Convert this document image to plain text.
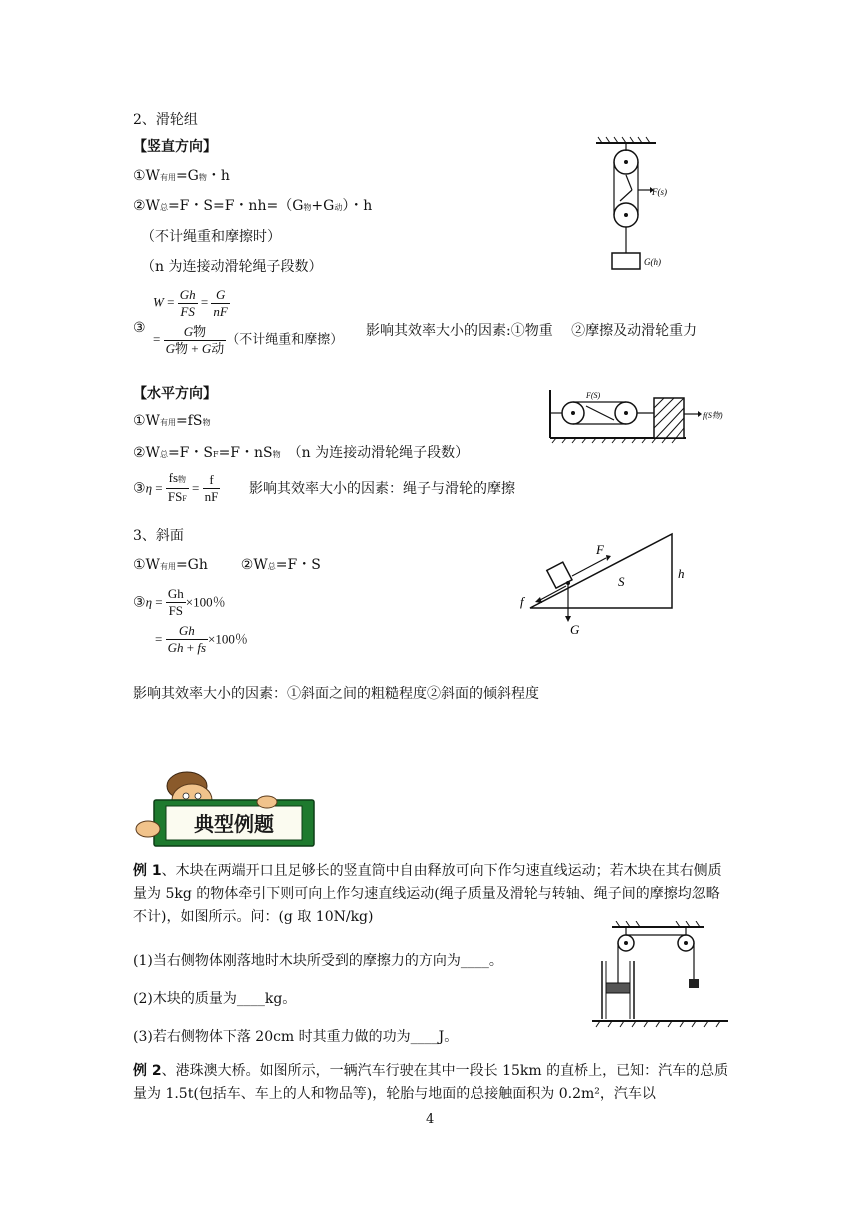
2、滑轮组
【竖直方向】
①W有用=G物・h
②W总=F・S=F・nh=（G物+G动）・h
（不计绳重和摩擦时）
（n 为连接动滑轮绳子段数）
③
$W = \frac{Gh}{FS} = \frac{G}{nF}$
= $\frac{\text{G物}}{\text{G物 + G动}}$ （不计绳重和摩擦）
影响其效率大小的因素:①物重　 ②摩擦及动滑轮重力
【水平方向】
①W有用=fS物
②W总=F・SF=F・nS物　（n 为连接动滑轮绳子段数）
③η = $\frac{\text{fs物}}{\text{FSF}} = \frac{f}{nF}$ 影响其效率大小的因素：绳子与滑轮的摩擦
3、斜面
①W有用=Gh ②W总=F・S
③η = $\frac{Gh}{FS} \times 100$％
= $\frac{Gh}{Gh + fs} \times 100$％
影响其效率大小的因素：①斜面之间的粗糙程度②斜面的倾斜程度
F(s)
G(h)
F(S)
f(S物)
F
S
h
f
G
典型例题
例 1、木块在两端开口且足够长的竖直筒中自由释放可向下作匀速直线运动；若木块在其右侧质量为 5kg 的物体牵引下则可向上作匀速直线运动(绳子质量及滑轮与转轴、绳子间的摩擦均忽略不计)，如图所示。问：(g 取 10N/kg)
(1)当右侧物体刚落地时木块所受到的摩擦力的方向为____。
(2)木块的质量为____kg。
(3)若右侧物体下落 20cm 时其重力做的功为____J。
例 2、港珠澳大桥。如图所示，一辆汽车行驶在其中一段长 15km 的直桥上，已知：汽车的总质量为 1.5t(包括车、车上的人和物品等)，轮胎与地面的总接触面积为 0.2m²，汽车以
4
